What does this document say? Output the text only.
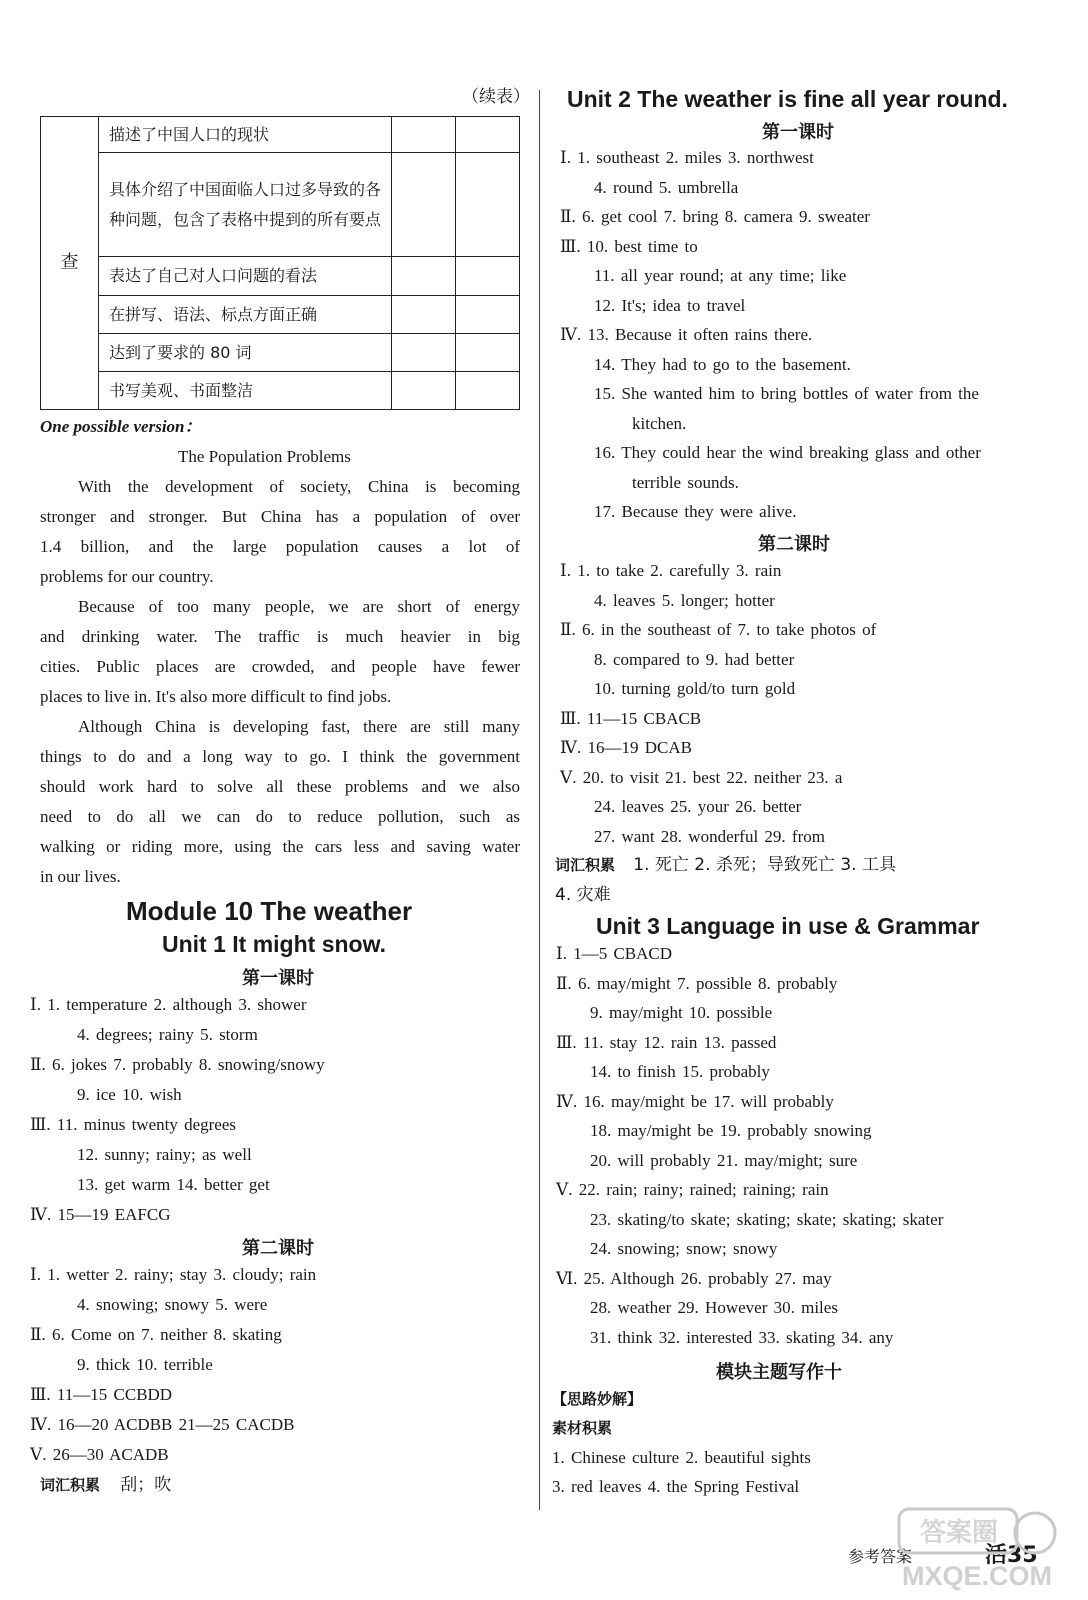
（续表）
查	描述了中国人口的现状		
	具体介绍了中国面临人口过多导致的各种问题，包含了表格中提到的所有要点		
	表达了自己对人口问题的看法		
	在拼写、语法、标点方面正确		
	达到了要求的 80 词		
	书写美观、书面整洁		
One possible version：
The Population Problems
With the development of society, China is becoming
stronger and stronger. But China has a population of over
1.4 billion, and the large population causes a lot of
problems for our country.
Because of too many people, we are short of energy
and drinking water. The traffic is much heavier in big
cities. Public places are crowded, and people have fewer
places to live in. It's also more difficult to find jobs.
Although China is developing fast, there are still many
things to do and a long way to go. I think the government
should work hard to solve all these problems and we also
need to do all we can do to reduce pollution, such as
walking or riding more, using the cars less and saving water
in our lives.
Module 10 The weather
Unit 1 It might snow.
第一课时
Ⅰ. 1. temperature 2. although 3. shower
4. degrees; rainy 5. storm
Ⅱ. 6. jokes 7. probably 8. snowing/snowy
9. ice 10. wish
Ⅲ. 11. minus twenty degrees
12. sunny; rainy; as well
13. get warm 14. better get
Ⅳ. 15—19 EAFCG
第二课时
Ⅰ. 1. wetter 2. rainy; stay 3. cloudy; rain
4. snowing; snowy 5. were
Ⅱ. 6. Come on 7. neither 8. skating
9. thick 10. terrible
Ⅲ. 11—15 CCBDD
Ⅳ. 16—20 ACDBB 21—25 CACDB
Ⅴ. 26—30 ACADB
词汇积累 刮；吹
Unit 2 The weather is fine all year round.
第一课时
Ⅰ. 1. southeast 2. miles 3. northwest
4. round 5. umbrella
Ⅱ. 6. get cool 7. bring 8. camera 9. sweater
Ⅲ. 10. best time to
11. all year round; at any time; like
12. It's; idea to travel
Ⅳ. 13. Because it often rains there.
14. They had to go to the basement.
15. She wanted him to bring bottles of water from the
kitchen.
16. They could hear the wind breaking glass and other
terrible sounds.
17. Because they were alive.
第二课时
Ⅰ. 1. to take 2. carefully 3. rain
4. leaves 5. longer; hotter
Ⅱ. 6. in the southeast of 7. to take photos of
8. compared to 9. had better
10. turning gold/to turn gold
Ⅲ. 11—15 CBACB
Ⅳ. 16—19 DCAB
Ⅴ. 20. to visit 21. best 22. neither 23. a
24. leaves 25. your 26. better
27. want 28. wonderful 29. from
词汇积累 1. 死亡 2. 杀死；导致死亡 3. 工具
4. 灾难
Unit 3 Language in use & Grammar
Ⅰ. 1—5 CBACD
Ⅱ. 6. may/might 7. possible 8. probably
9. may/might 10. possible
Ⅲ. 11. stay 12. rain 13. passed
14. to finish 15. probably
Ⅳ. 16. may/might be 17. will probably
18. may/might be 19. probably snowing
20. will probably 21. may/might; sure
Ⅴ. 22. rain; rainy; rained; raining; rain
23. skating/to skate; skating; skate; skating; skater
24. snowing; snow; snowy
Ⅵ. 25. Although 26. probably 27. may
28. weather 29. However 30. miles
31. think 32. interested 33. skating 34. any
模块主题写作十
【思路妙解】
素材积累
1. Chinese culture 2. beautiful sights
3. red leaves 4. the Spring Festival
参考答案	活35
答案圈
MXQE.COM
